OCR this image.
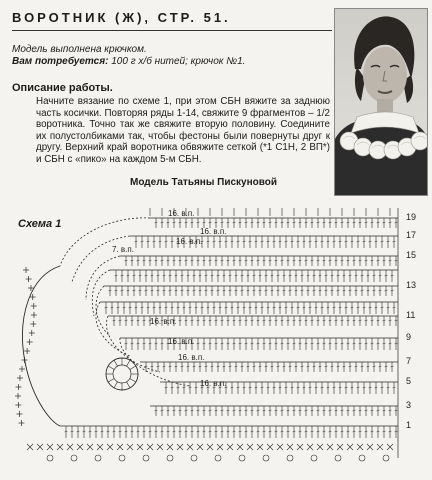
ВОРОТНИК (Ж), СТР. 51.
Модель выполнена крючком.
Вам потребуется: 100 г х/б нитей; крючок №1.
Описание работы.
Начните вязание по схеме 1, при этом СБН вяжите за заднюю часть косички. Повторяя ряды 1-14, свяжите 9 фрагментов – 1/2 воротника. Точно так же свяжите вторую половину. Соедините их полустолбиками так, чтобы фестоны были повернуты друг к другу. Верхний край воротника обвяжите сеткой (*1 С1Н, 2 ВП*) и СБН с «пико» на каждом 5-м СБН.
Модель Татьяны Пискуновой
16. в.п.
16. в.п.
16. в.п.
7. в.п.
16. в.п.
16. в.п.
16. в.п.
16. в.п.
19
17
15
13
11
9
7
5
3
1
Схема 1
